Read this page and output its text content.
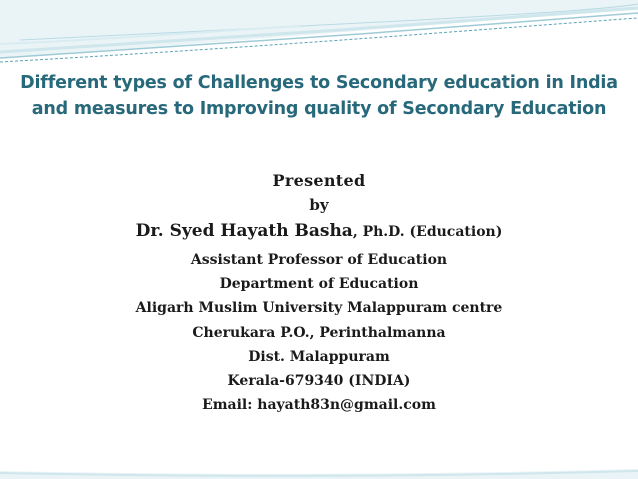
Different types of Challenges to Secondary education in India and measures to Improving quality of Secondary Education
Presented
by
Dr. Syed Hayath Basha, Ph.D. (Education)
Assistant Professor of Education
Department of Education
Aligarh Muslim University Malappuram centre
Cherukara P.O., Perinthalmanna
Dist. Malappuram
Kerala-679340 (INDIA)
Email: hayath83n@gmail.com
